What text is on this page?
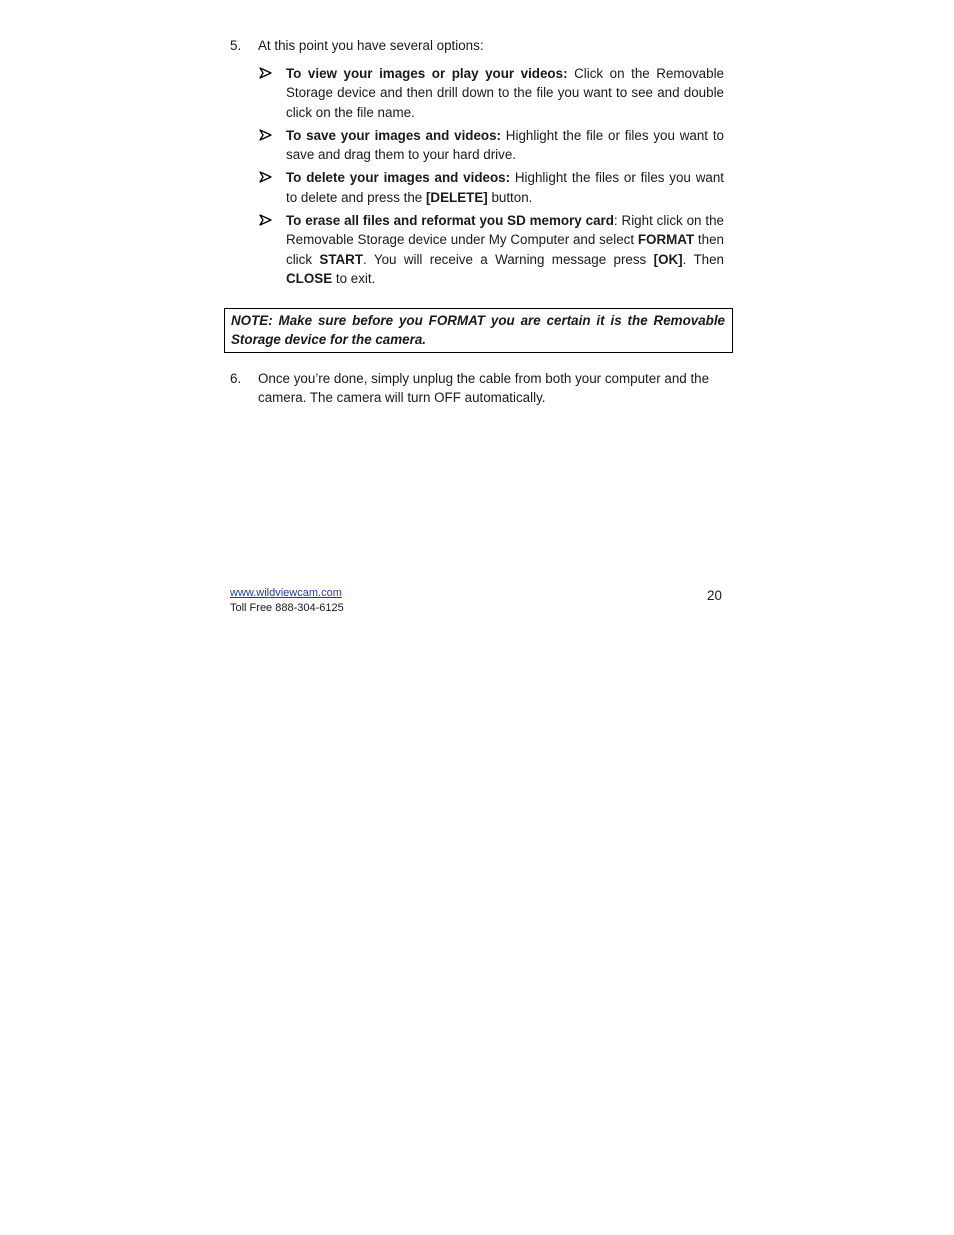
5. At this point you have several options:
To view your images or play your videos: Click on the Removable Storage device and then drill down to the file you want to see and double click on the file name.
To save your images and videos: Highlight the file or files you want to save and drag them to your hard drive.
To delete your images and videos: Highlight the files or files you want to delete and press the [DELETE] button.
To erase all files and reformat you SD memory card: Right click on the Removable Storage device under My Computer and select FORMAT then click START. You will receive a Warning message press [OK]. Then CLOSE to exit.
NOTE: Make sure before you FORMAT you are certain it is the Removable Storage device for the camera.
6. Once you’re done, simply unplug the cable from both your computer and the camera. The camera will turn OFF automatically.
www.wildviewcam.com
Toll Free 888-304-6125
20
